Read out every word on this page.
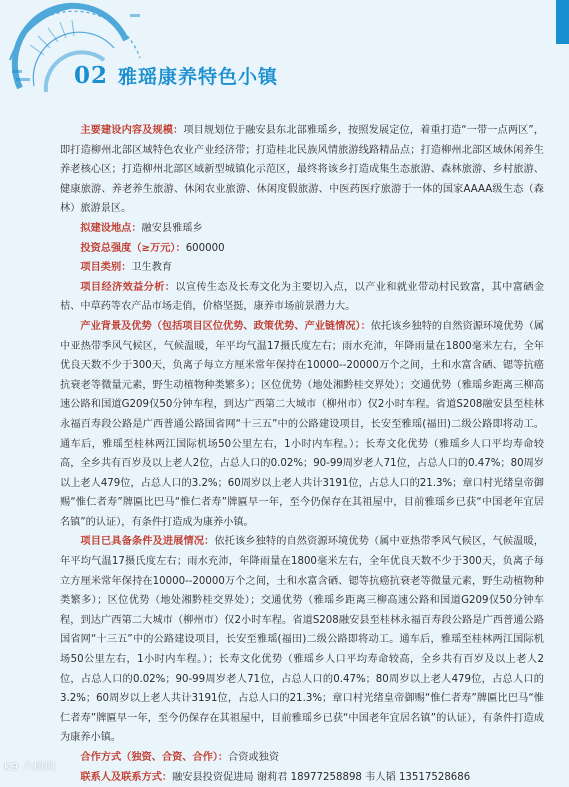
02 雅瑶康养特色小镇

主要建设内容及规模：项目规划位于融安县东北部雅瑶乡，按照发展定位，着重打造“一带一点两区”，即打造柳州北部区域特色农业产业经济带；打造桂北民族风情旅游线路精品点；打造柳州北部区域休闲养生养老核心区；打造柳州北部区域新型城镇化示范区，最终将该乡打造成集生态旅游、森林旅游、乡村旅游、健康旅游、养老养生旅游、休闲农业旅游、休闲度假旅游、中医药医疗旅游于一体的国家AAAA级生态（森林）旅游景区。

拟建设地点：融安县雅瑶乡

投资总强度（≥万元）：600000

项目类别：卫生教育

项目经济效益分析：以宣传生态及长寿文化为主要切入点，以产业和就业带动村民致富，其中富硒金桔、中草药等农产品市场走俏，价格坚挺，康养市场前景潜力大。

产业背景及优势（包括项目区位优势、政策优势、产业链情况）：依托该乡独特的自然资源环境优势（属中亚热带季风气候区，气候温暖，年平均气温17摄氏度左右；雨水充沛，年降雨量在1800毫米左右，全年优良天数不少于300天，负离子每立方厘米常年保持在10000--20000万个之间，土和水富含硒、锶等抗癌抗衰老等微量元素，野生动植物种类繁多）；区位优势（地处湘黔桂交界处）；交通优势（雅瑶乡距离三柳高速公路和国道G209仅50分钟车程，到达广西第二大城市（柳州市）仅2小时车程。省道S208融安县至桂林永福百寿段公路是广西普通公路国省网“十三五”中的公路建设项目，长安至雅瑶(福田)二级公路即将动工。通车后，雅瑶至桂林两江国际机场50公里左右，1小时内车程。）；长寿文化优势（雅瑶乡人口平均寿命较高，全乡共有百岁及以上老人2位，占总人口的0.02%；90-99周岁老人71位，占总人口的0.47%；80周岁以上老人479位，占总人口的3.2%；60周岁以上老人共计3191位，占总人口的21.3%；章口村光绪皇帝御赐“惟仁者寿”牌匾比巴马“惟仁者寿”牌匾早一年，至今仍保存在其祖屋中，目前雅瑶乡已获“中国老年宜居名镇”的认证），有条件打造成为康养小镇。

项目已具备条件及进展情况：依托该乡独特的自然资源环境优势（属中亚热带季风气候区，气候温暖，年平均气温17摄氏度左右；雨水充沛，年降雨量在1800毫米左右，全年优良天数不少于300天，负离子每立方厘米常年保持在10000--20000万个之间，土和水富含硒、锶等抗癌抗衰老等微量元素，野生动植物种类繁多）；区位优势（地处湘黔桂交界处）；交通优势（雅瑶乡距离三柳高速公路和国道G209仅50分钟车程，到达广西第二大城市（柳州市）仅2小时车程。省道S208融安县至桂林永福百寿段公路是广西普通公路国省网“十三五”中的公路建设项目，长安至雅瑶(福田)二级公路即将动工。通车后，雅瑶至桂林两江国际机场50公里左右，1小时内车程。）；长寿文化优势（雅瑶乡人口平均寿命较高，全乡共有百岁及以上老人2位，占总人口的0.02%；90-99周岁老人71位，占总人口的0.47%；80周岁以上老人479位，占总人口的3.2%；60周岁以上老人共计3191位，占总人口的21.3%；章口村光绪皇帝御赐“惟仁者寿”牌匾比巴马“惟仁者寿”牌匾早一年，至今仍保存在其祖屋中，目前雅瑶乡已获“中国老年宜居名镇”的认证），有条件打造成为康养小镇。

合作方式（独资、合资、合作）：合资或独资

联系人及联系方式：融安县投资促进局 谢莉君 18977258898 韦人韬 13517528686

K9 六图网
